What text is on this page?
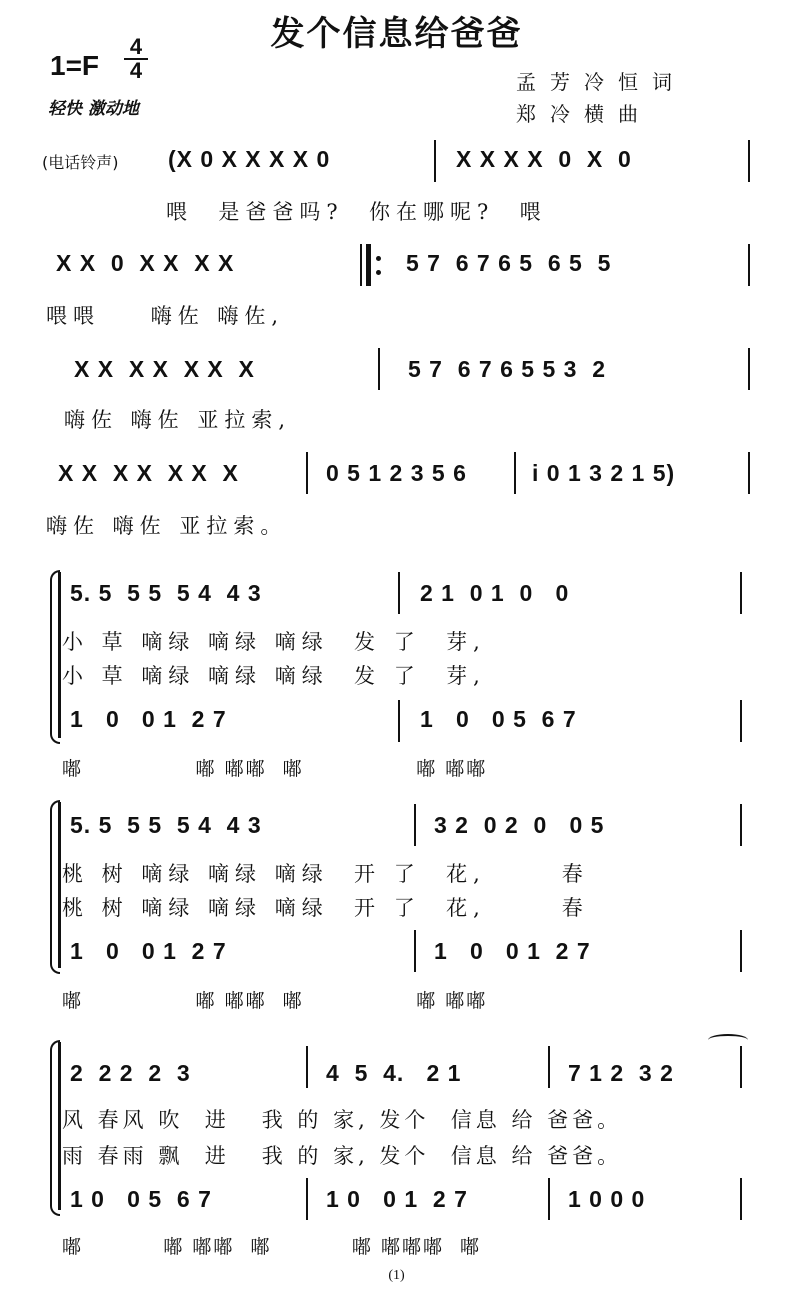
发个信息给爸爸
$1=F \frac{4}{4}$
轻快 激动地
孟芳冷恒词
郑冷横曲
(电话铃声) (X 0 X X X X 0	X X X X  0  X  0
喂  是爸爸吗?  你在哪呢?  喂
X X  0  X X  X X	5 7  6 7 6 5  6 5  5
喂喂    嗨佐 嗨佐,
X X  X X  X X  X	5 7  6 7 6 5 5 3  2
嗨佐 嗨佐 亚拉索,
X X  X X  X X  X	0 5 1 2 3 5 6	i 0 1 3 2 1 5)
嗨佐 嗨佐 亚拉索。
5. 5  5 5  5 4  4 3	2 1  0 1  0   0
小 草 嘀绿 嘀绿 嘀绿  发 了  芽,
小 草 嘀绿 嘀绿 嘀绿  发 了  芽,
1   0   0 1  2 7	1   0   0 5  6 7
嘟              嘟 嘟嘟  嘟              嘟 嘟嘟
5. 5  5 5  5 4  4 3	3 2  0 2  0   0 5
桃 树 嘀绿 嘀绿 嘀绿  开 了  花,      春
桃 树 嘀绿 嘀绿 嘀绿  开 了  花,      春
1   0   0 1  2 7	1   0   0 1  2 7
嘟              嘟 嘟嘟  嘟              嘟 嘟嘟
2  2 2  2  3	4  5  4.   2 1	7 1 2  3 2
风 春风 吹  进   我 的 家, 发个  信息 给 爸爸。
雨 春雨 飘  进   我 的 家, 发个  信息 给 爸爸。
1 0   0 5  6 7	1 0   0 1  2 7	1 0 0 0
嘟          嘟 嘟嘟  嘟          嘟 嘟嘟嘟  嘟
(1)
